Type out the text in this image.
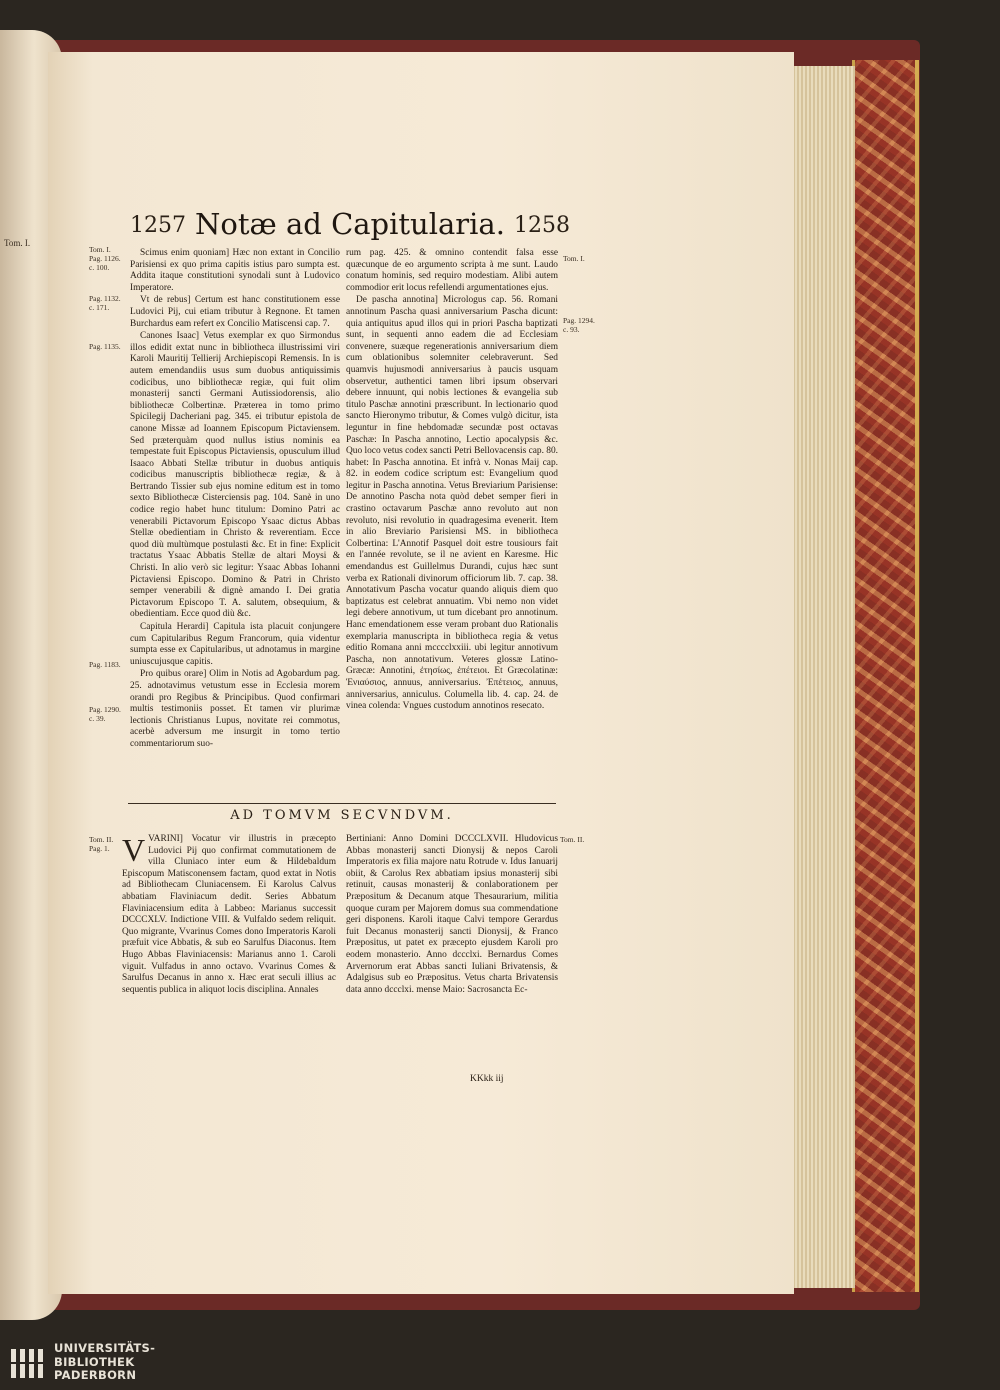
Tom. I.
1257 Notæ ad Capitularia. 1258
Tom. I.
Pag. 1126.
c. 100.
Pag. 1132.
c. 171.
Pag. 1135.
Pag. 1183.
Pag. 1290.
c. 39.
Tom. I.
Pag. 1294.
c. 93.
Tom. II.
Pag. 1.
Tom. II.

Scimus enim quoniam] Hæc non extant in Concilio Parisiensi ex quo prima capitis istius paro sumpta est. Addita itaque constitutioni synodali sunt à Ludovico Imperatore.

Vt de rebus] Certum est hanc constitutionem esse Ludovici Pij, cui etiam tributur à Regnone. Et tamen Burchardus eam refert ex Concilio Matiscensi cap. 7.

Canones Isaac] Vetus exemplar ex quo Sirmondus illos edidit extat nunc in bibliotheca illustrissimi viri Karoli Mauritij Tellierij Archiepiscopi Remensis. In is autem emendandiis usus sum duobus antiquissimis codicibus, uno bibliothecæ regiæ, qui fuit olim monasterij sancti Germani Autissiodorensis, alio bibliothecæ Colbertinæ. Præterea in tomo primo Spicilegij Dacheriani pag. 345. ei tributur epistola de canone Missæ ad Ioannem Episcopum Pictaviensem. Sed præterquàm quod nullus istius nominis ea tempestate fuit Episcopus Pictaviensis, opusculum illud Isaaco Abbati Stellæ tributur in duobus antiquis codicibus manuscriptis bibliothecæ regiæ, & à Bertrando Tissier sub ejus nomine editum est in tomo sexto Bibliothecæ Cisterciensis pag. 104. Sanè in uno codice regio habet hunc titulum: Domino Patri ac venerabili Pictavorum Episcopo Ysaac dictus Abbas Stellæ obedientiam in Christo & reverentiam. Ecce quod diù multùmque postulasti &c. Et in fine: Explicit tractatus Ysaac Abbatis Stellæ de altari Moysi & Christi. In alio verò sic legitur: Ysaac Abbas Iohanni Pictaviensi Episcopo. Domino & Patri in Christo semper venerabili & dignè amando I. Dei gratia Pictavorum Episcopo T. A. salutem, obsequium, & obedientiam. Ecce quod diù &c.

Capitula Herardi] Capitula ista placuit conjungere cum Capitularibus Regum Francorum, quia videntur sumpta esse ex Capitularibus, ut adnotamus in margine uniuscujusque capitis.

Pro quibus orare] Olim in Notis ad Agobardum pag. 25. adnotavimus vetustum esse in Ecclesia morem orandi pro Regibus & Principibus. Quod confirmari multis testimoniis posset. Et tamen vir plurimæ lectionis Christianus Lupus, novitate rei commotus, acerbè adversum me insurgit in tomo tertio commentariorum suo-

rum pag. 425. & omnino contendit falsa esse quæcunque de eo argumento scripta à me sunt. Laudo conatum hominis, sed requiro modestiam. Alibi autem commodior erit locus refellendi argumentationes ejus.

De pascha annotina] Micrologus cap. 56. Romani annotinum Pascha quasi anniversarium Pascha dicunt: quia antiquitus apud illos qui in priori Pascha baptizati sunt, in sequenti anno eadem die ad Ecclesiam convenere, suæque regenerationis anniversarium diem cum oblationibus solemniter celebraverunt. Sed quamvis hujusmodi anniversarius à paucis usquam observetur, authentici tamen libri ipsum observari debere innuunt, qui nobis lectiones & evangelia sub titulo Paschæ annotini præscribunt. In lectionario quod sancto Hieronymo tributur, & Comes vulgò dicitur, ista leguntur in fine hebdomadæ secundæ post octavas Paschæ: In Pascha annotino, Lectio apocalypsis &c. Quo loco vetus codex sancti Petri Bellovacensis cap. 80. habet: In Pascha annotina. Et infrà v. Nonas Maij cap. 82. in eodem codice scriptum est: Evangelium quod legitur in Pascha annotina. Vetus Breviarium Parisiense: De annotino Pascha nota quòd debet semper fieri in crastino octavarum Paschæ anno revoluto aut non revoluto, nisi revolutio in quadragesima evenerit. Item in alio Breviario Parisiensi MS. in bibliotheca Colbertina: L'Annotif Pasquel doit estre tousiours fait en l'année revolute, se il ne avient en Karesme. Hic emendandus est Guillelmus Durandi, cujus hæc sunt verba ex Rationali divinorum officiorum lib. 7. cap. 38. Annotativum Pascha vocatur quando aliquis diem quo baptizatus est celebrat annuatim. Vbi nemo non videt legi debere annotivum, ut tum dicebant pro annotinum. Hanc emendationem esse veram probant duo Rationalis exemplaria manuscripta in bibliotheca regia & vetus editio Romana anni mcccclxxiii. ubi legitur annotivum Pascha, non annotativum. Veteres glossæ Latino-Græcæ: Annotini, ἐτησίως, ἐπέτειοι. Et Græcolatinæ: Ἐνιαύσιος, annuus, anniversarius. Ἐπέτειος, annuus, anniversarius, anniculus. Columella lib. 4. cap. 24. de vinea colenda: Vngues custodum annotinos resecato.

AD TOMVM SECVNDVM.
V VARINI] Vocatur vir illustris in præcepto Ludovici Pij quo confirmat commutationem de villa Cluniaco inter eum & Hildebaldum Episcopum Matisconensem factam, quod extat in Notis ad Bibliothecam Cluniacensem. Ei Karolus Calvus abbatiam Flaviniacum dedit. Series Abbatum Flaviniacensium edita à Labbeo: Marianus successit DCCCXLV. Indictione VIII. & Vulfaldo sedem reliquit. Quo migrante, Vvarinus Comes dono Imperatoris Karoli præfuit vice Abbatis, & sub eo Sarulfus Diaconus. Item Hugo Abbas Flaviniacensis: Marianus anno 1. Caroli viguit. Vulfadus in anno octavo. Vvarinus Comes & Sarulfus Decanus in anno x. Hæc erat seculi illius ac sequentis publica in aliquot locis disciplina. Annales
Bertiniani: Anno Domini DCCCLXVII. Hludovicus Abbas monasterij sancti Dionysij & nepos Caroli Imperatoris ex filia majore natu Rotrude v. Idus Ianuarij obiit, & Carolus Rex abbatiam ipsius monasterij sibi retinuit, causas monasterij & conlaborationem per Præpositum & Decanum atque Thesaurarium, militia quoque curam per Majorem domus sua commendatione geri disponens. Karoli itaque Calvi tempore Gerardus fuit Decanus monasterij sancti Dionysij, & Franco Præpositus, ut patet ex præcepto ejusdem Karoli pro eodem monasterio. Anno dccclxi. Bernardus Comes Arvernorum erat Abbas sancti Iuliani Brivatensis, & Adalgisus sub eo Præpositus. Vetus charta Brivatensis data anno dccclxi. mense Maio: Sacrosancta Ec-
KKkk iij
UNIVERSITÄTS-
BIBLIOTHEK
PADERBORN
